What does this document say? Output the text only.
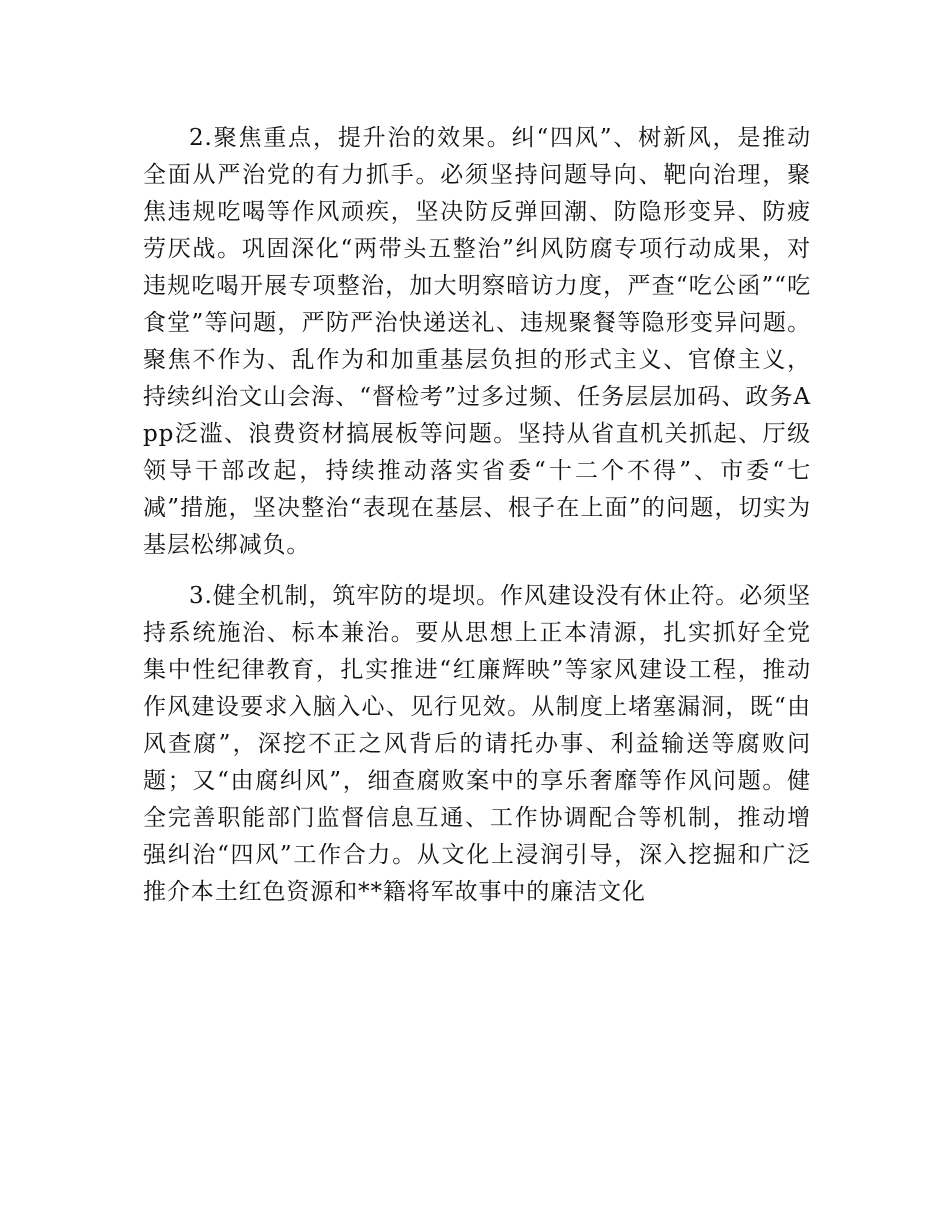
2.聚焦重点，提升治的效果。纠“四风”、树新风，是推动全面从严治党的有力抓手。必须坚持问题导向、靶向治理，聚焦违规吃喝等作风顽疾，坚决防反弹回潮、防隐形变异、防疲劳厌战。巩固深化“两带头五整治”纠风防腐专项行动成果，对违规吃喝开展专项整治，加大明察暗访力度，严查“吃公函”“吃食堂”等问题，严防严治快递送礼、违规聚餐等隐形变异问题。聚焦不作为、乱作为和加重基层负担的形式主义、官僚主义，持续纠治文山会海、“督检考”过多过频、任务层层加码、政务App泛滥、浪费资材搞展板等问题。坚持从省直机关抓起、厅级领导干部改起，持续推动落实省委“十二个不得”、市委“七减”措施，坚决整治“表现在基层、根子在上面”的问题，切实为基层松绑减负。

3.健全机制，筑牢防的堤坝。作风建设没有休止符。必须坚持系统施治、标本兼治。要从思想上正本清源，扎实抓好全党集中性纪律教育，扎实推进“红廉辉映”等家风建设工程，推动作风建设要求入脑入心、见行见效。从制度上堵塞漏洞，既“由风查腐”，深挖不正之风背后的请托办事、利益输送等腐败问题；又“由腐纠风”，细查腐败案中的享乐奢靡等作风问题。健全完善职能部门监督信息互通、工作协调配合等机制，推动增强纠治“四风”工作合力。从文化上浸润引导，深入挖掘和广泛推介本土红色资源和**籍将军故事中的廉洁文化
